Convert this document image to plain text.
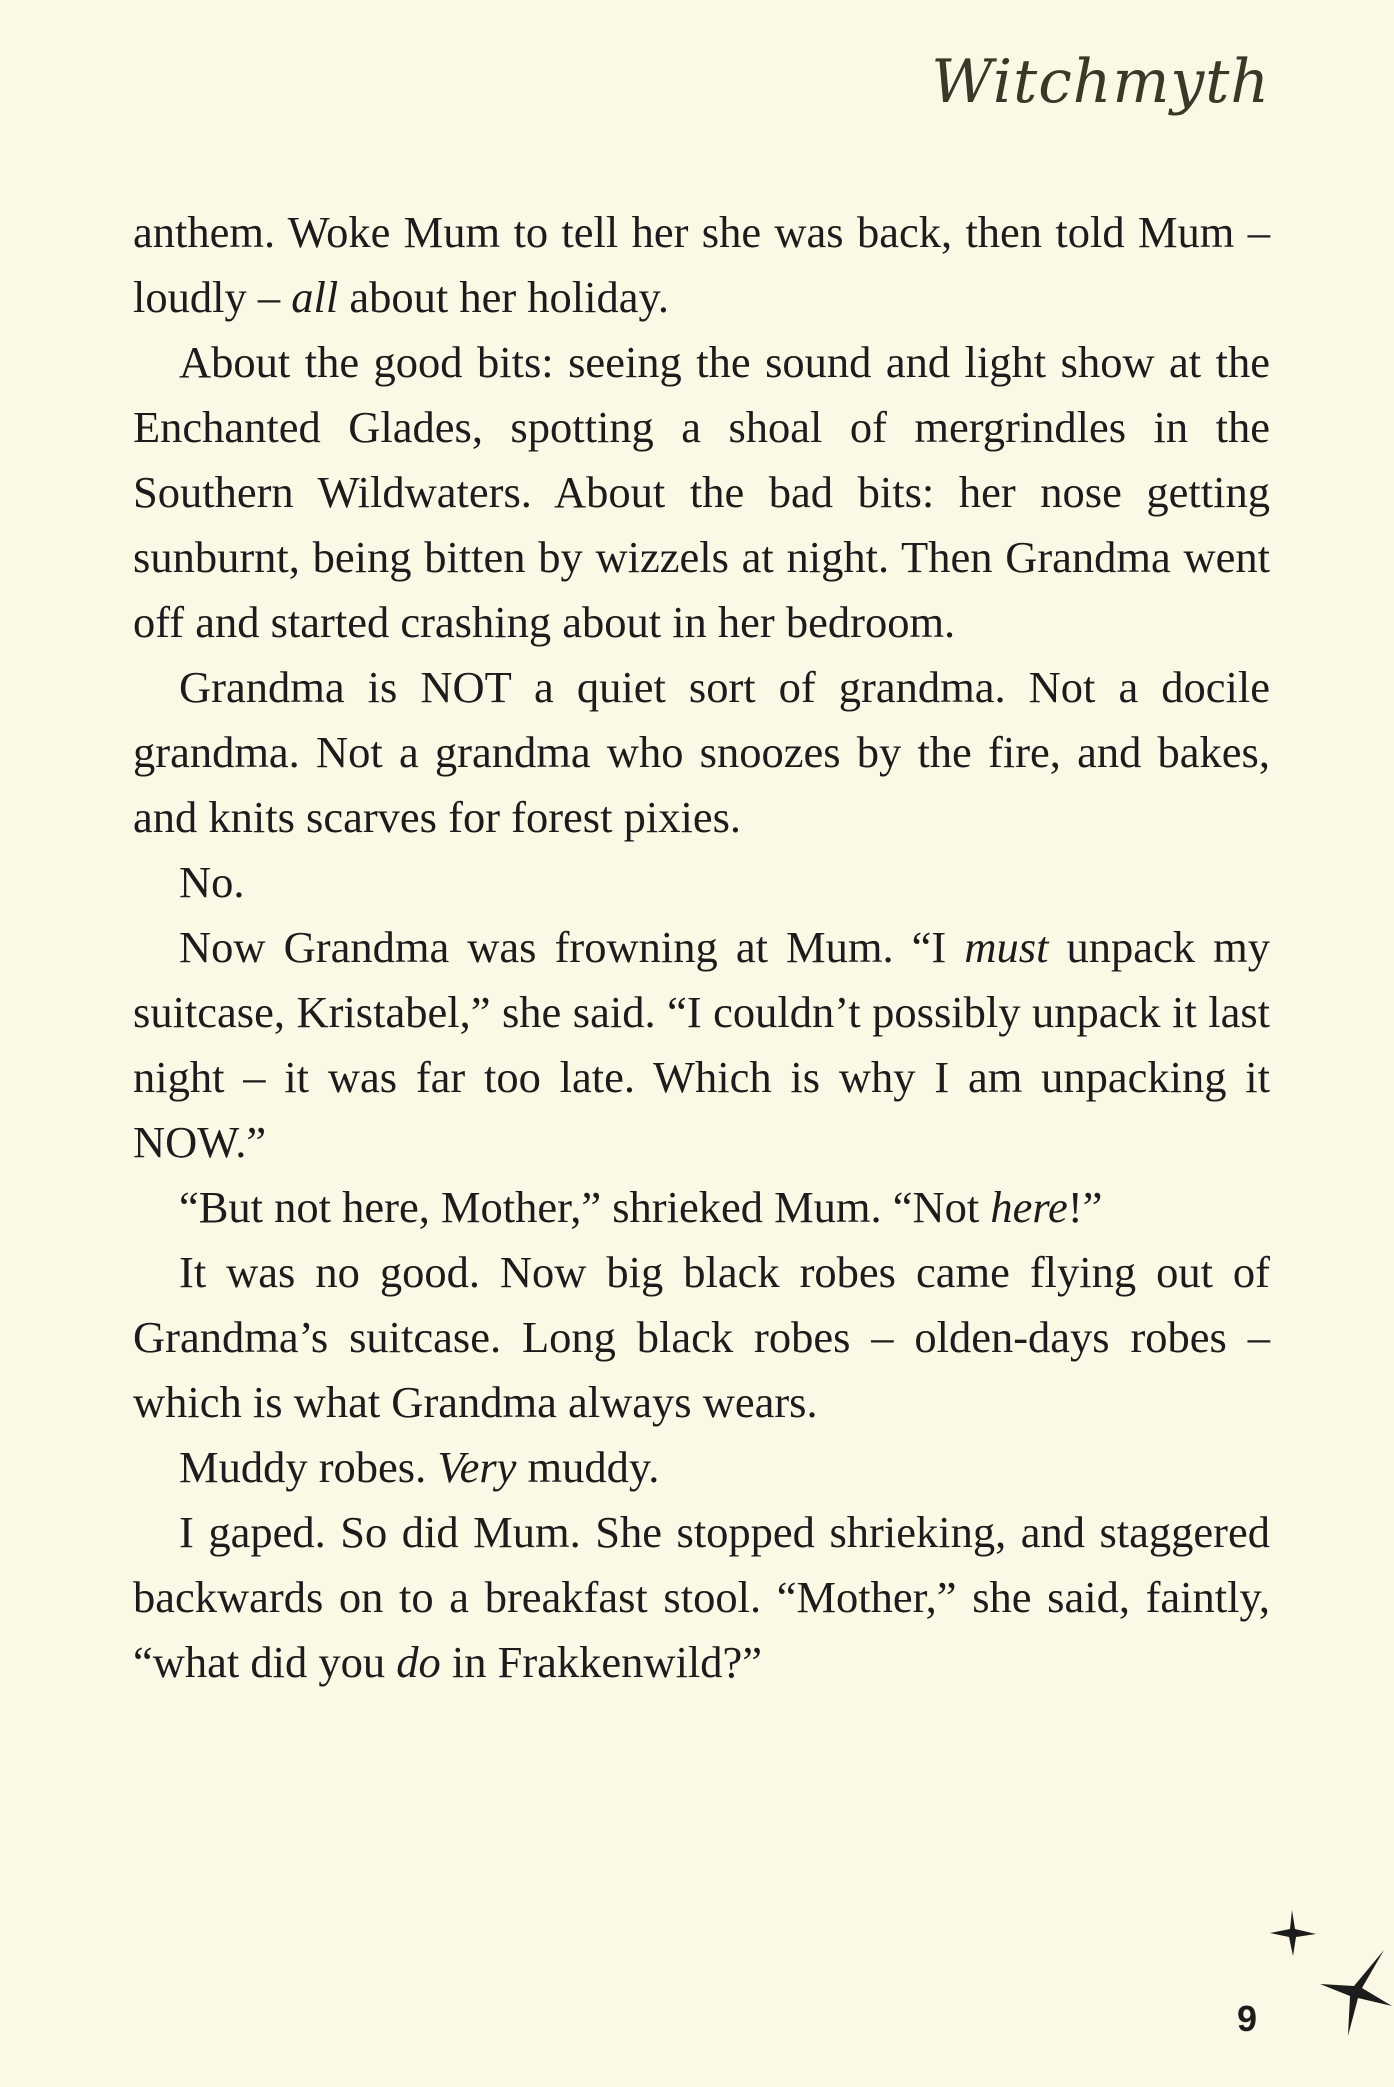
Witchmyth

anthem. Woke Mum to tell her she was back, then told Mum – loudly – all about her holiday.

About the good bits: seeing the sound and light show at the Enchanted Glades, spotting a shoal of mergrindles in the Southern Wildwaters. About the bad bits: her nose getting sunburnt, being bitten by wizzels at night. Then Grandma went off and started crashing about in her bedroom.

Grandma is NOT a quiet sort of grandma. Not a docile grandma. Not a grandma who snoozes by the fire, and bakes, and knits scarves for forest pixies.

No.

Now Grandma was frowning at Mum. “I must unpack my suitcase, Kristabel,” she said. “I couldn’t possibly unpack it last night – it was far too late. Which is why I am unpacking it NOW.”

“But not here, Mother,” shrieked Mum. “Not here!”

It was no good. Now big black robes came flying out of Grandma’s suitcase. Long black robes – olden-days robes – which is what Grandma always wears.

Muddy robes. Very muddy.

I gaped. So did Mum. She stopped shrieking, and staggered backwards on to a breakfast stool. “Mother,” she said, faintly, “what did you do in Frakkenwild?”

9
